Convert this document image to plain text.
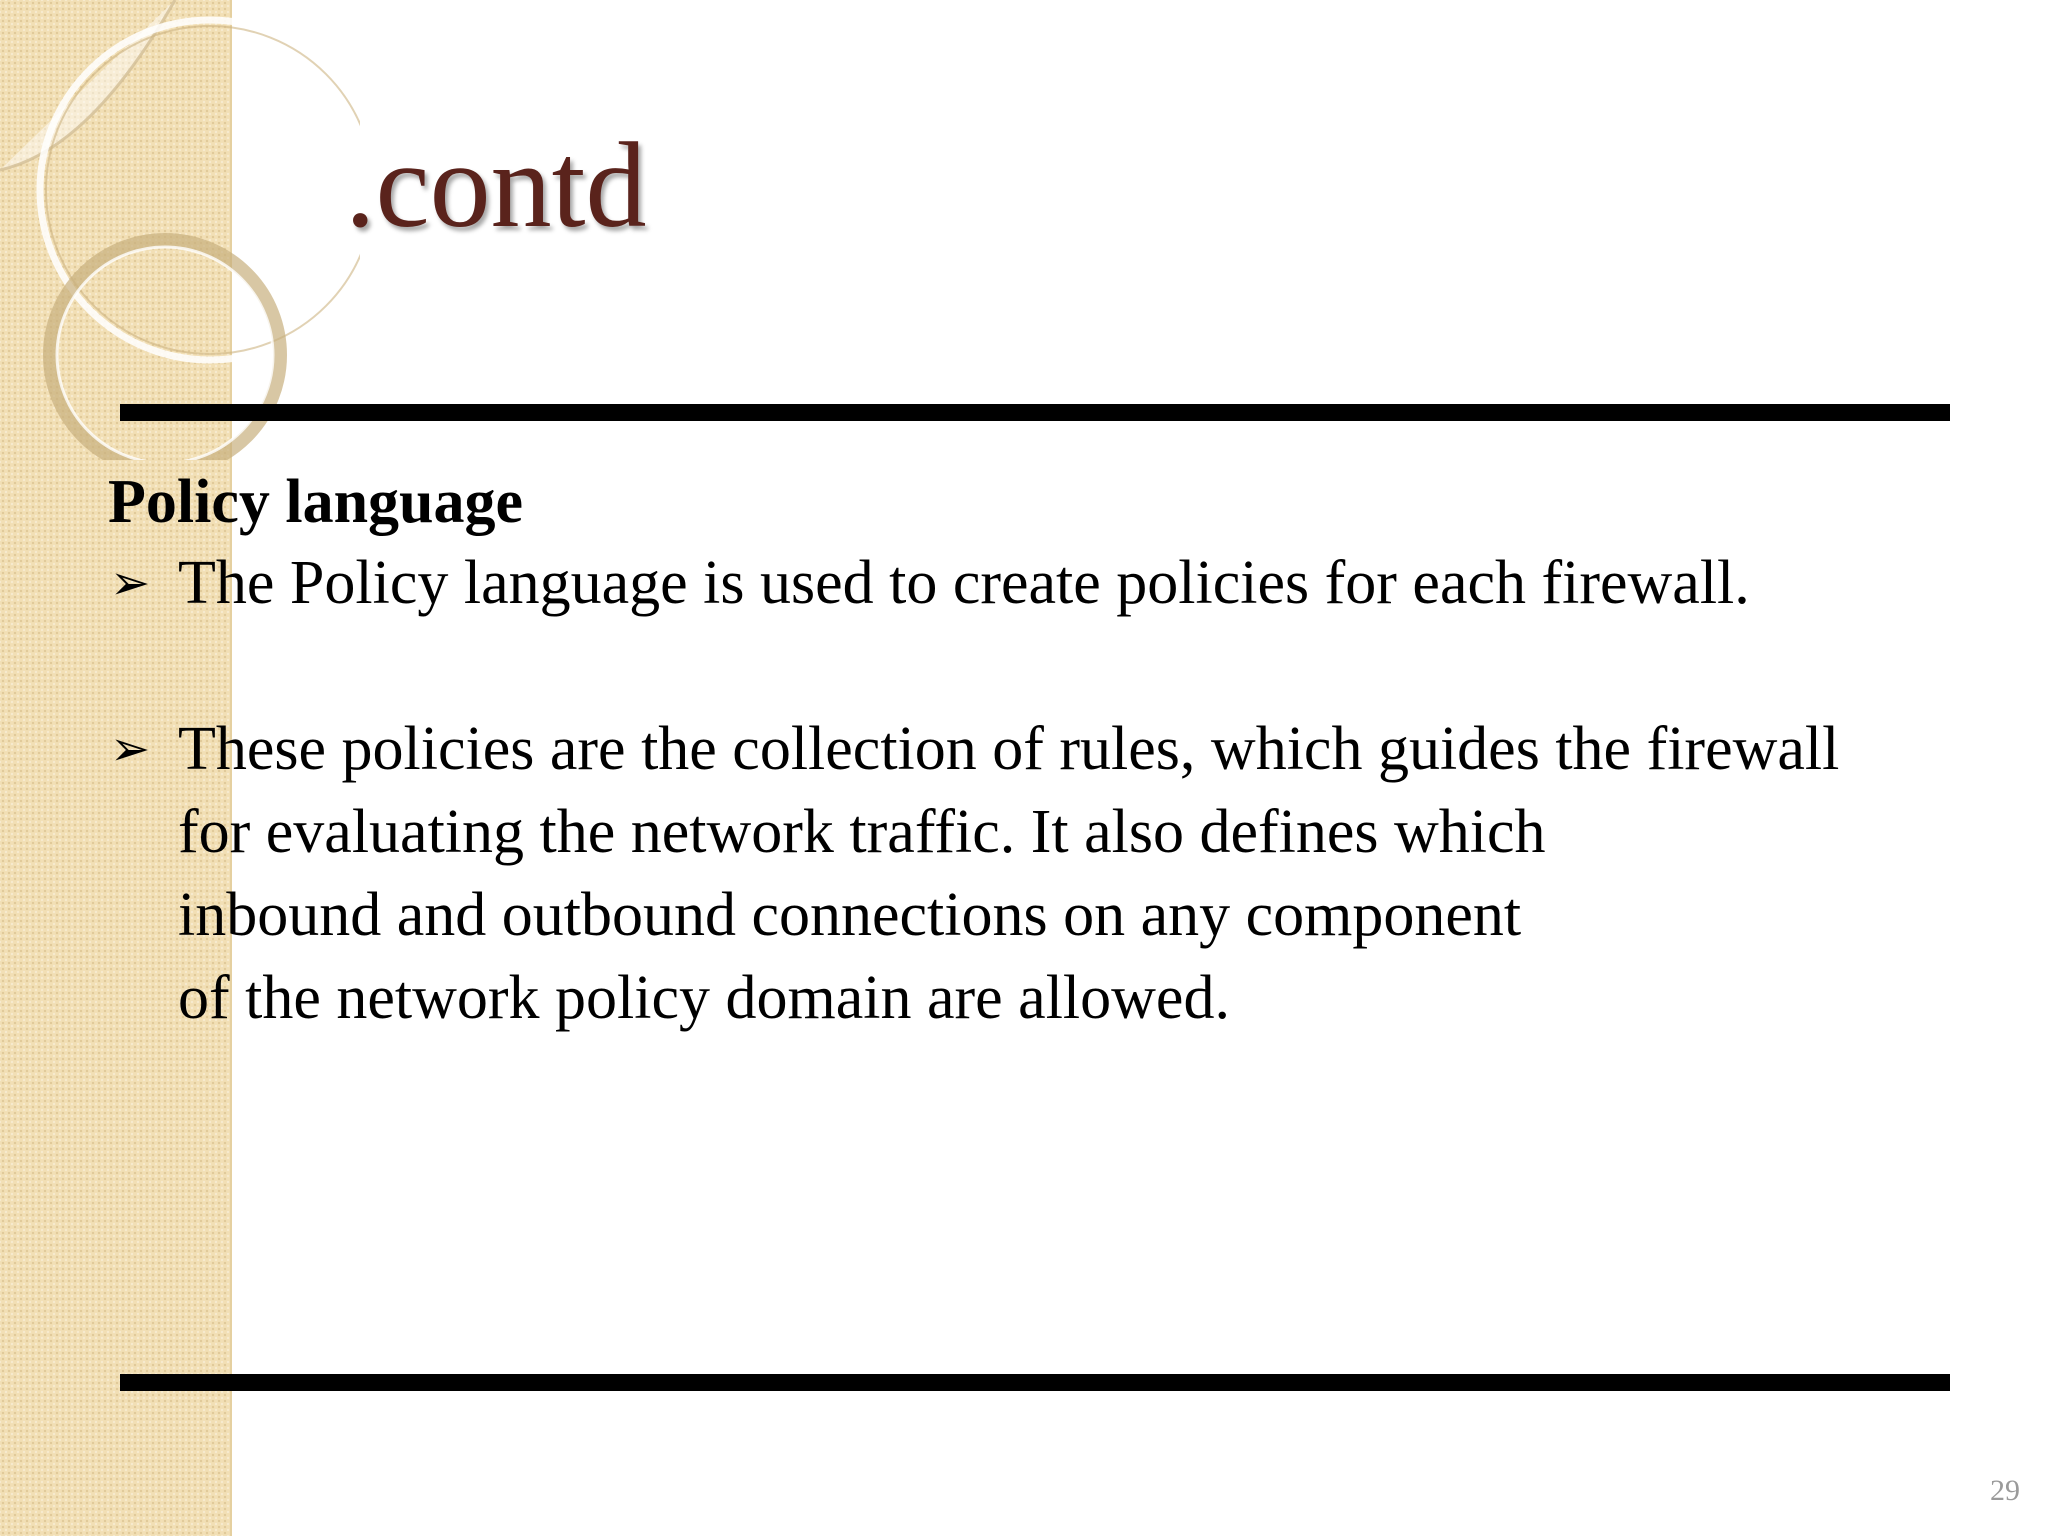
.contd

Policy language

➢ The Policy language is used to create policies for each firewall.

➢ These policies are the collection of rules, which guides the firewall
for evaluating the network traffic. It also defines which
inbound and outbound connections on any component
of the network policy domain are allowed.

29
